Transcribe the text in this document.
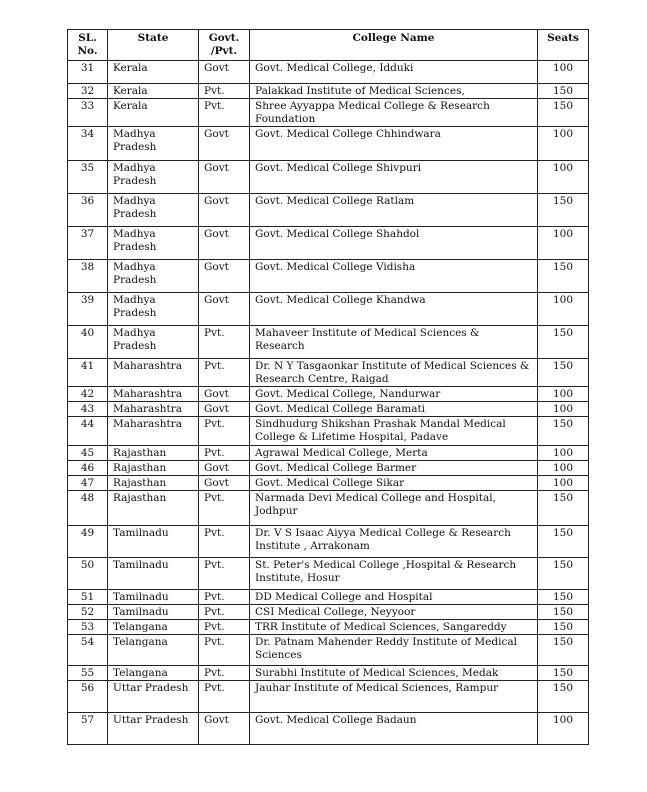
SL. No.	State	Govt. /Pvt.	College Name	Seats
31	Kerala	Govt	Govt. Medical College, Idduki	100
32	Kerala	Pvt.	Palakkad Institute of Medical Sciences,	150
33	Kerala	Pvt.	Shree Ayyappa Medical College & Research Foundation	150
34	Madhya Pradesh	Govt	Govt. Medical College Chhindwara	100
35	Madhya Pradesh	Govt	Govt. Medical College Shivpuri	100
36	Madhya Pradesh	Govt	Govt. Medical College Ratlam	150
37	Madhya Pradesh	Govt	Govt. Medical College Shahdol	100
38	Madhya Pradesh	Govt	Govt. Medical College Vidisha	150
39	Madhya Pradesh	Govt	Govt. Medical College Khandwa	100
40	Madhya Pradesh	Pvt.	Mahaveer Institute of Medical Sciences & Research	150
41	Maharashtra	Pvt.	Dr. N Y Tasgaonkar Institute of Medical Sciences & Research Centre, Raigad	150
42	Maharashtra	Govt	Govt. Medical College, Nandurwar	100
43	Maharashtra	Govt	Govt. Medical College Baramati	100
44	Maharashtra	Pvt.	Sindhudurg Shikshan Prashak Mandal Medical College & Lifetime Hospital, Padave	150
45	Rajasthan	Pvt.	Agrawal Medical College, Merta	100
46	Rajasthan	Govt	Govt. Medical College Barmer	100
47	Rajasthan	Govt	Govt. Medical College Sikar	100
48	Rajasthan	Pvt.	Narmada Devi Medical College and Hospital, Jodhpur	150
49	Tamilnadu	Pvt.	Dr. V S Isaac Aiyya Medical College & Research Institute , Arrakonam	150
50	Tamilnadu	Pvt.	St. Peter's Medical College ,Hospital & Research Institute, Hosur	150
51	Tamilnadu	Pvt.	DD Medical College and Hospital	150
52	Tamilnadu	Pvt.	CSI Medical College, Neyyoor	150
53	Telangana	Pvt.	TRR Institute of Medical Sciences, Sangareddy	150
54	Telangana	Pvt.	Dr. Patnam Mahender Reddy Institute of Medical Sciences	150
55	Telangana	Pvt.	Surabhi Institute of Medical Sciences, Medak	150
56	Uttar Pradesh	Pvt.	Jauhar Institute of Medical Sciences, Rampur	150
57	Uttar Pradesh	Govt	Govt. Medical College Badaun	100
